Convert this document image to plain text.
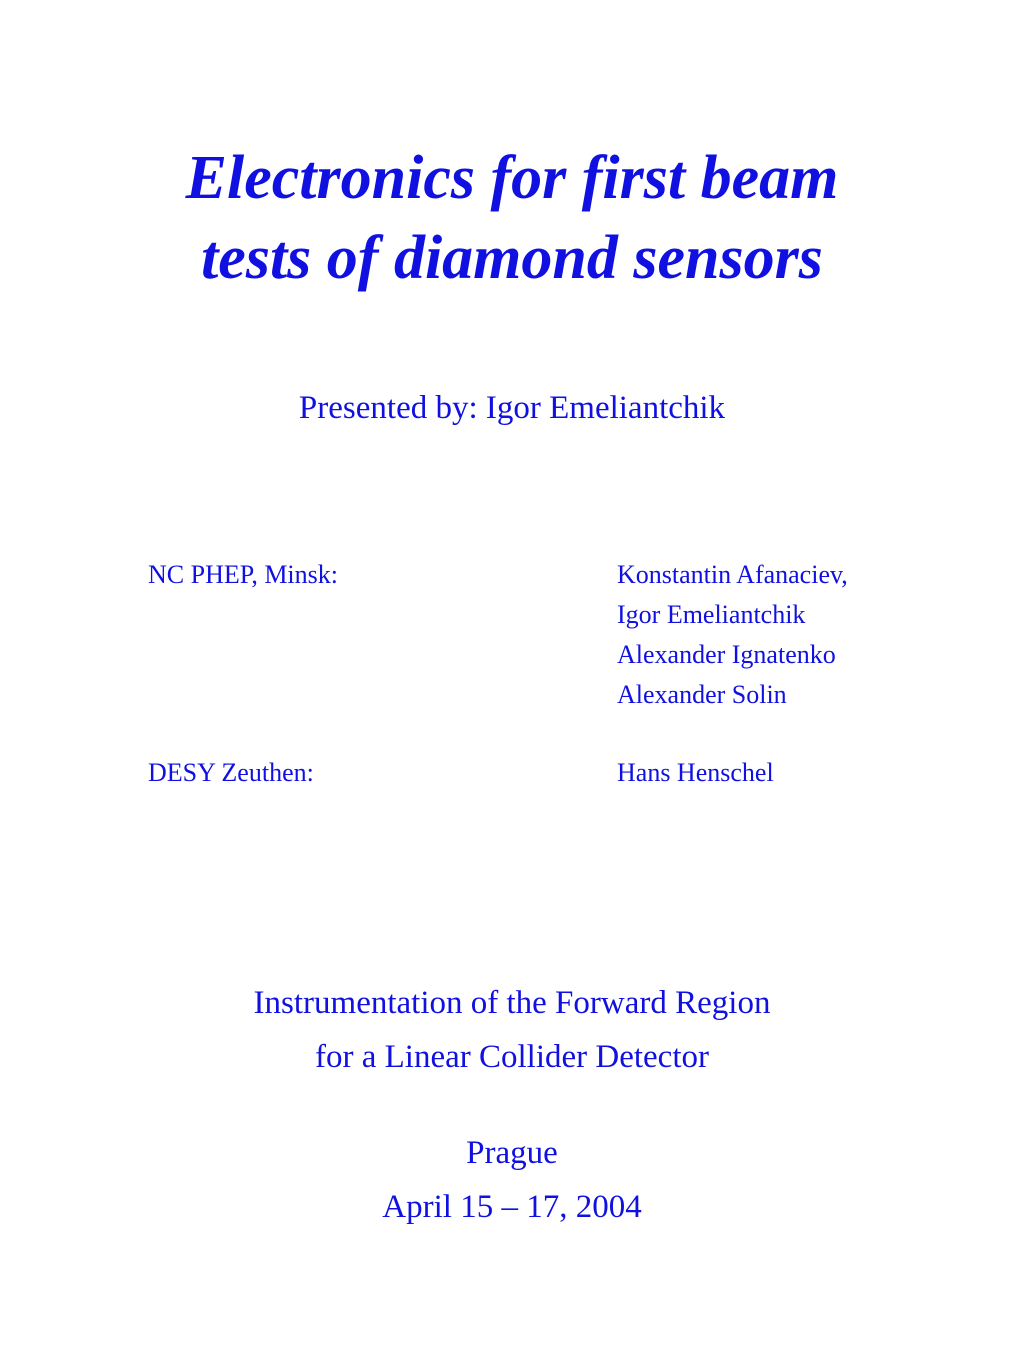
Electronics for first beam
tests of diamond sensors

Presented by: Igor Emeliantchik

NC PHEP, Minsk:	Konstantin Afanaciev,
Igor Emeliantchik
Alexander Ignatenko
Alexander Solin
DESY Zeuthen:	Hans Henschel
Instrumentation of the Forward Region
for a Linear Collider Detector
Prague
April 15 – 17, 2004
